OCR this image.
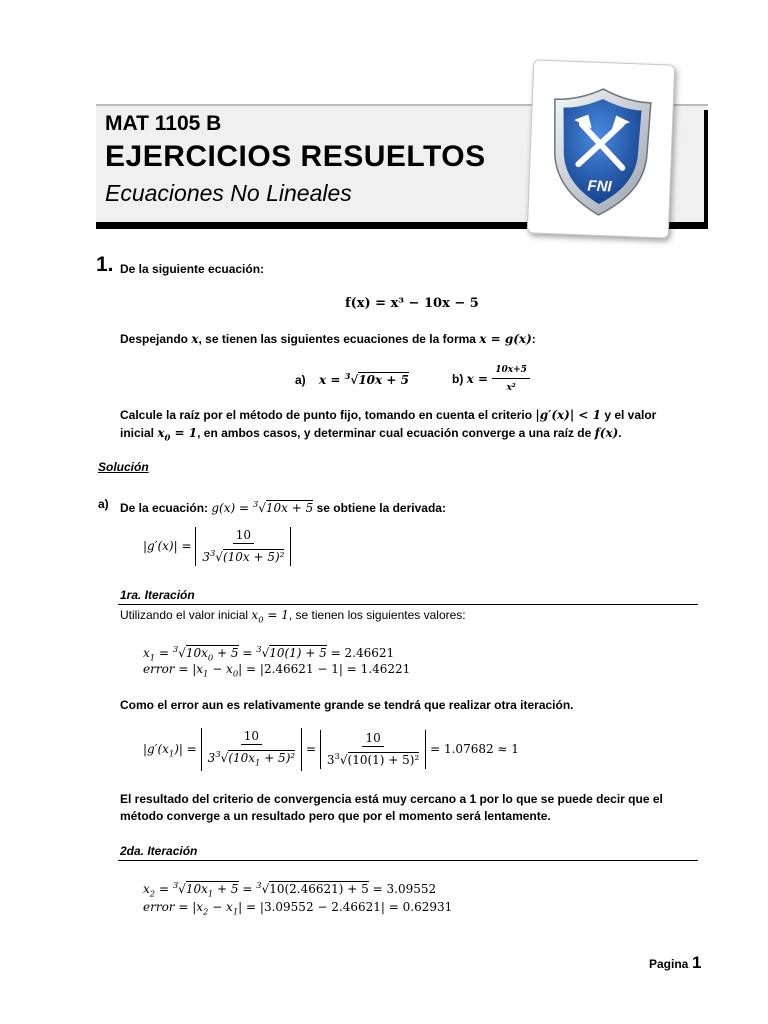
MAT 1105 B
EJERCICIOS RESUELTOS
Ecuaciones No Lineales	FNI
1. De la siguiente ecuación:
f(x) = x³ − 10x − 5
Despejando x, se tienen las siguientes ecuaciones de la forma x = g(x):
a) x = $^3$√10x + 5	b) $x = \frac{10x+5}{\text{x²}}$
Calcule la raíz por el método de punto fijo, tomando en cuenta el criterio |g′(x)| < 1 y el valor
inicial $x_0 = 1$, en ambos casos, y determinar cual ecuación converge a una raíz de f(x).
Solución
a) De la ecuación: g(x) = $^3$√10x + 5 se obtiene la derivada:
$|g'(x)| = \frac{10}{3^3√(10x + 5)^2}$
1ra. Iteración
Utilizando el valor inicial $x_0 = 1$, se tienen los siguientes valores:
$x_1 = ^3√10x_0 + 5 = ^3√10(1) + 5 = 2.46621$
error = $|x_1 - x_0| = |2.46621 - 1| = 1.46221$
Como el error aun es relativamente grande se tendrá que realizar otra iteración.
$|g'(x_1)| = \frac{10}{3^3√(10x_1 + 5)^2} = \frac{10}{3^3√(10(1) + 5)^2} = 1.07682 \approx 1$
El resultado del criterio de convergencia está muy cercano a 1 por lo que se puede decir que el
método converge a un resultado pero que por el momento será lentamente.
2da. Iteración
$x_2 = ^3√10x_1 + 5 = ^3√10(2.46621) + 5 = 3.09552$
error = $|x_2 - x_1| = |3.09552 - 2.46621| = 0.62931$
Pagina 1
